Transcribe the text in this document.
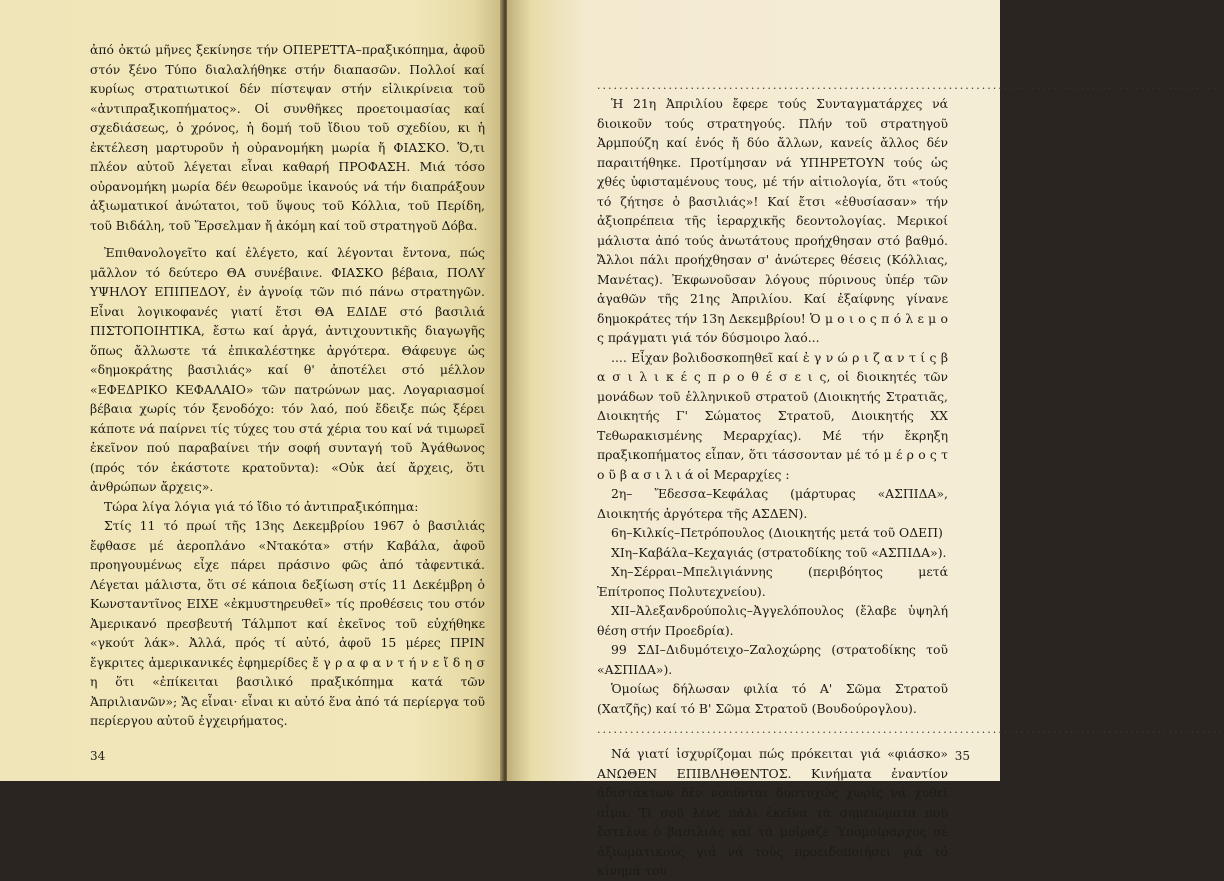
ἀπό ὀκτώ μῆνες ξεκίνησε τήν ΟΠΕΡΕΤΤΑ–πραξικόπημα, ἀφοῦ στόν ξένο Τύπο διαλαλήθηκε στήν διαπασῶν. Πολλοί καί κυρίως στρατιωτικοί δέν πίστεψαν στήν εἰλικρίνεια τοῦ «ἀντιπραξικοπήματος». Οἱ συνθῆκες προετοιμασίας καί σχεδιάσεως, ὁ χρόνος, ἡ δομή τοῦ ἴδιου τοῦ σχεδίου, κι ἡ ἐκτέλεση μαρτυροῦν ἡ οὐρανομήκη μωρία ἤ ΦΙΑΣΚΟ. Ὅ,τι πλέον αὐτοῦ λέγεται εἶναι καθαρή ΠΡΟΦΑΣΗ. Μιά τόσο οὐρανομήκη μωρία δέν θεωροῦμε ἱκανούς νά τήν διαπράξουν ἀξιωματικοί ἀνώτατοι, τοῦ ὕψους τοῦ Κόλλια, τοῦ Περίδη, τοῦ Βιδάλη, τοῦ Ἔρσελμαν ἤ ἀκόμη καί τοῦ στρατηγοῦ Δόβα.

Ἐπιθανολογεῖτο καί ἐλέγετο, καί λέγονται ἔντονα, πώς μᾶλλον τό δεύτερο ΘΑ συνέβαινε. ΦΙΑΣΚΟ βέβαια, ΠΟΛΥ ΥΨΗΛΟΥ ΕΠΙΠΕΔΟΥ, ἐν ἀγνοίᾳ τῶν πιό πάνω στρατηγῶν. Εἶναι λογικοφανές γιατί ἔτσι ΘΑ ΕΔΙΔΕ στό βασιλιά ΠΙΣΤΟΠΟΙΗΤΙΚΑ, ἔστω καί ἀργά, ἀντιχουντικῆς διαγωγῆς ὅπως ἄλλωστε τά ἐπικαλέστηκε ἀργότερα. Θάφευγε ὡς «δημοκράτης βασιλιάς» καί θ' ἀποτέλει στό μέλλον «ΕΦΕΔΡΙΚΟ ΚΕΦΑΛΑΙΟ» τῶν πατρώνων μας. Λογαριασμοί βέβαια χωρίς τόν ξενοδόχο: τόν λαό, πού ἔδειξε πώς ξέρει κάποτε νά παίρνει τίς τύχες του στά χέρια του καί νά τιμωρεῖ ἐκεῖνον πού παραβαίνει τήν σοφή συνταγή τοῦ Ἀγάθωνος (πρός τόν ἑκάστοτε κρατοῦντα): «Οὐκ ἀεί ἄρχεις, ὅτι ἀνθρώπων ἄρχεις».

Τώρα λίγα λόγια γιά τό ἴδιο τό ἀντιπραξικόπημα:

Στίς 11 τό πρωί τῆς 13ης Δεκεμβρίου 1967 ὁ βασιλιάς ἔφθασε μέ ἀεροπλάνο «Ντακότα» στήν Καβάλα, ἀφοῦ προηγουμένως εἶχε πάρει πράσινο φῶς ἀπό τἀφεντικά. Λέγεται μάλιστα, ὅτι σέ κάποια δεξίωση στίς 11 Δεκέμβρη ὁ Κωνσταντῖνος ΕΙΧΕ «ἐκμυστηρευθεῖ» τίς προθέσεις του στόν Ἀμερικανό πρεσβευτή Τάλμποτ καί ἐκεῖνος τοῦ εὐχήθηκε «γκούτ λάκ». Ἀλλά, πρός τί αὐτό, ἀφοῦ 15 μέρες ΠΡΙΝ ἔγκριτες ἀμερικανικές ἐφημερίδες ἔ γ ρ α φ α ν τ ή ν ε ἴ δ η σ η ὅτι «ἐπίκειται βασιλικό πραξικόπημα κατά τῶν Ἀπριλιανῶν»; Ἄς εἶναι· εἶναι κι αὐτό ἕνα ἀπό τά περίεργα τοῦ περίεργου αὐτοῦ ἐγχειρήματος.

34
..................................................................................................................

Ἡ 21η Ἀπριλίου ἔφερε τούς Συνταγματάρχες νά διοικοῦν τούς στρατηγούς. Πλήν τοῦ στρατηγοῦ Ἀρμπούζη καί ἑνός ἤ δύο ἄλλων, κανείς ἄλλος δέν παραιτήθηκε. Προτίμησαν νά ΥΠΗΡΕΤΟΥΝ τούς ὡς χθές ὑφισταμένους τους, μέ τήν αἰτιολογία, ὅτι «τούς τό ζήτησε ὁ βασιλιάς»! Καί ἔτσι «ἐθυσίασαν» τήν ἀξιοπρέπεια τῆς ἱεραρχικῆς δεοντολογίας. Μερικοί μάλιστα ἀπό τούς ἀνωτάτους προήχθησαν στό βαθμό. Ἄλλοι πάλι προήχθησαν σ' ἀνώτερες θέσεις (Κόλλιας, Μανέτας). Ἐκφωνοῦσαν λόγους πύρινους ὑπέρ τῶν ἀγαθῶν τῆς 21ης Ἀπριλίου. Καί ἐξαίφνης γίνανε δημοκράτες τήν 13η Δεκεμβρίου! Ὁ μ ο ι ο ς π ό λ ε μ ο ς πράγματι γιά τόν δύσμοιρο λαό...

.... Εἶχαν βολιδοσκοπηθεῖ καί ἐ γ ν ώ ρ ι ζ α ν τ ί ς β α σ ι λ ι κ έ ς π ρ ο θ έ σ ε ι ς, οἱ διοικητές τῶν μονάδων τοῦ ἑλληνικοῦ στρατοῦ (Διοικητής Στρατιᾶς, Διοικητής Γ' Σώματος Στρατοῦ, Διοικητής ΧΧ Τεθωρακισμένης Μεραρχίας). Μέ τήν ἔκρηξη πραξικοπήματος εἶπαν, ὅτι τάσσονταν μέ τό μ έ ρ ο ς τ ο ῦ β α σ ι λ ι ά οἱ Μεραρχίες :

2η– Ἔδεσσα–Κεφάλας (μάρτυρας «ΑΣΠΙΔΑ», Διοικητής ἀργότερα τῆς ΑΣΔΕΝ).

6η–Κιλκίς–Πετρόπουλος (Διοικητής μετά τοῦ ΟΔΕΠ)

ΧΙη–Καβάλα–Κεχαγιάς (στρατοδίκης τοῦ «ΑΣΠΙΔΑ»).

Χη–Σέρραι–Μπελιγιάννης (περιβόητος μετά Ἐπίτροπος Πολυτεχνείου).

ΧΙΙ–Ἀλεξανδρούπολις–Ἀγγελόπουλος (ἔλαβε ὑψηλή θέση στήν Προεδρία).

99 ΣΔΙ–Διδυμότειχο–Ζαλοχώρης (στρατοδίκης τοῦ «ΑΣΠΙΔΑ»).

Ὁμοίως δήλωσαν φιλία τό Α' Σῶμα Στρατοῦ (Χατζῆς) καί τό Β' Σῶμα Στρατοῦ (Βουδούρογλου).

..................................................................................................................

Νά γιατί ἰσχυρίζομαι πώς πρόκειται γιά «φιάσκο» ΑΝΩΘΕΝ ΕΠΙΒΛΗΘΕΝΤΟΣ. Κινήματα ἐναντίον ἀδιστάκτων δέν νοοῦνται δυστυχώς χωρίς νά χυθεῖ αἷμα. Τί σοῦ λένε πάλι ἐκεῖνα τά σημειώματα πού ἔστελνε ὁ βασιλιάς καί τά μοίραζε Ὑπομοίραρχος σέ ἀξιωματικούς γιά νά τούς προειδοποιήσει γιά τό κίνημά του

35
